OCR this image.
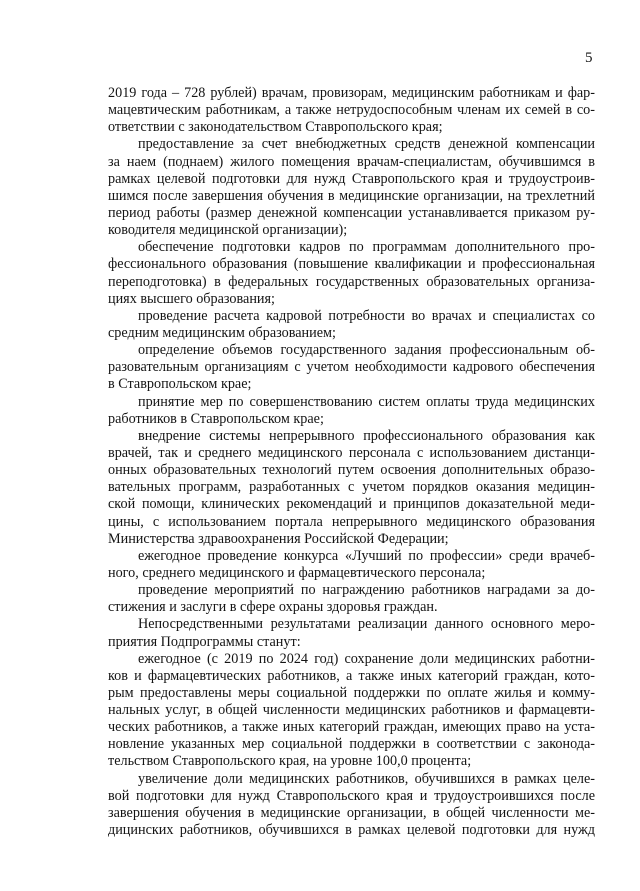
5
2019 года – 728 рублей) врачам, провизорам, медицинским работникам и фар-
мацевтическим работникам, а также нетрудоспособным членам их семей в со-
ответствии с законодательством Ставропольского края;
предоставление за счет внебюджетных средств денежной компенсации
за наем (поднаем) жилого помещения врачам-специалистам, обучившимся в
рамках целевой подготовки для нужд Ставропольского края и трудоустроив-
шимся после завершения обучения в медицинские организации, на трехлетний
период работы (размер денежной компенсации устанавливается приказом ру-
ководителя медицинской организации);
обеспечение подготовки кадров по программам дополнительного про-
фессионального образования (повышение квалификации и профессиональная
переподготовка) в федеральных государственных образовательных организа-
циях высшего образования;
проведение расчета кадровой потребности во врачах и специалистах со
средним медицинским образованием;
определение объемов государственного задания профессиональным об-
разовательным организациям с учетом необходимости кадрового обеспечения
в Ставропольском крае;
принятие мер по совершенствованию систем оплаты труда медицинских
работников в Ставропольском крае;
внедрение системы непрерывного профессионального образования как
врачей, так и среднего медицинского персонала с использованием дистанци-
онных образовательных технологий путем освоения дополнительных образо-
вательных программ, разработанных с учетом порядков оказания медицин-
ской помощи, клинических рекомендаций и принципов доказательной меди-
цины, с использованием портала непрерывного медицинского образования
Министерства здравоохранения Российской Федерации;
ежегодное проведение конкурса «Лучший по профессии» среди врачеб-
ного, среднего медицинского и фармацевтического персонала;
проведение мероприятий по награждению работников наградами за до-
стижения и заслуги в сфере охраны здоровья граждан.
Непосредственными результатами реализации данного основного меро-
приятия Подпрограммы станут:
ежегодное (с 2019 по 2024 год) сохранение доли медицинских работни-
ков и фармацевтических работников, а также иных категорий граждан, кото-
рым предоставлены меры социальной поддержки по оплате жилья и комму-
нальных услуг, в общей численности медицинских работников и фармацевти-
ческих работников, а также иных категорий граждан, имеющих право на уста-
новление указанных мер социальной поддержки в соответствии с законода-
тельством Ставропольского края, на уровне 100,0 процента;
увеличение доли медицинских работников, обучившихся в рамках целе-
вой подготовки для нужд Ставропольского края и трудоустроившихся после
завершения обучения в медицинские организации, в общей численности ме-
дицинских работников, обучившихся в рамках целевой подготовки для нужд
